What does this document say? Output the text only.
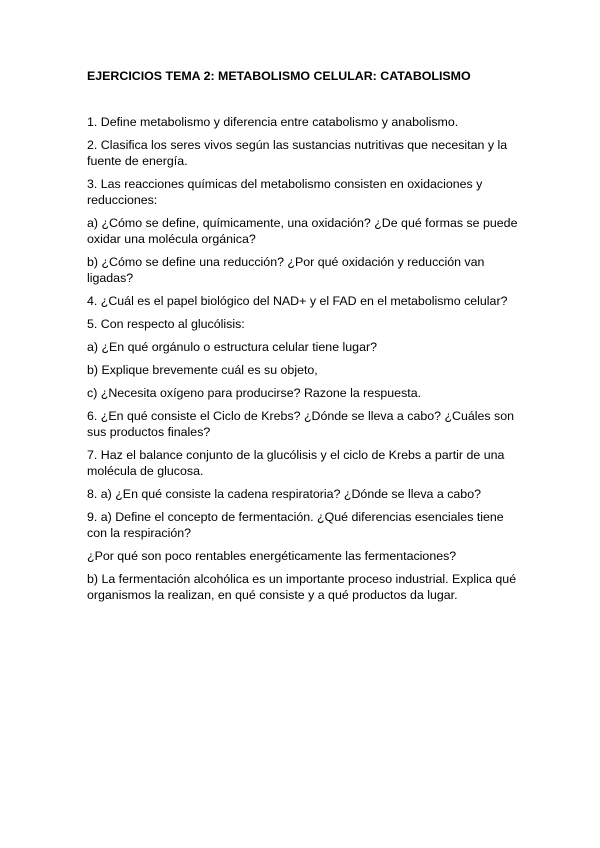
EJERCICIOS TEMA 2: METABOLISMO CELULAR: CATABOLISMO
1. Define metabolismo y diferencia entre catabolismo y anabolismo.
2. Clasifica los seres vivos según las sustancias nutritivas que necesitan y la fuente de energía.
3. Las reacciones químicas del metabolismo consisten en oxidaciones y reducciones:
a) ¿Cómo se define, químicamente, una oxidación? ¿De qué formas se puede oxidar una molécula orgánica?
b) ¿Cómo se define una reducción? ¿Por qué oxidación y reducción van ligadas?
4. ¿Cuál es el papel biológico del NAD+ y el FAD en el metabolismo celular?
5. Con respecto al glucólisis:
a) ¿En qué orgánulo o estructura celular tiene lugar?
b) Explique brevemente cuál es su objeto,
c) ¿Necesita oxígeno para producirse? Razone la respuesta.
6. ¿En qué consiste el Ciclo de Krebs? ¿Dónde se lleva a cabo? ¿Cuáles son sus productos finales?
7. Haz el balance conjunto de la glucólisis y el ciclo de Krebs a partir de una molécula de glucosa.
8. a) ¿En qué consiste la cadena respiratoria? ¿Dónde se lleva a cabo?
9. a) Define el concepto de fermentación. ¿Qué diferencias esenciales tiene con la respiración?
¿Por qué son poco rentables energéticamente las fermentaciones?
b) La fermentación alcohólica es un importante proceso industrial. Explica qué organismos la realizan, en qué consiste y a qué productos da lugar.
